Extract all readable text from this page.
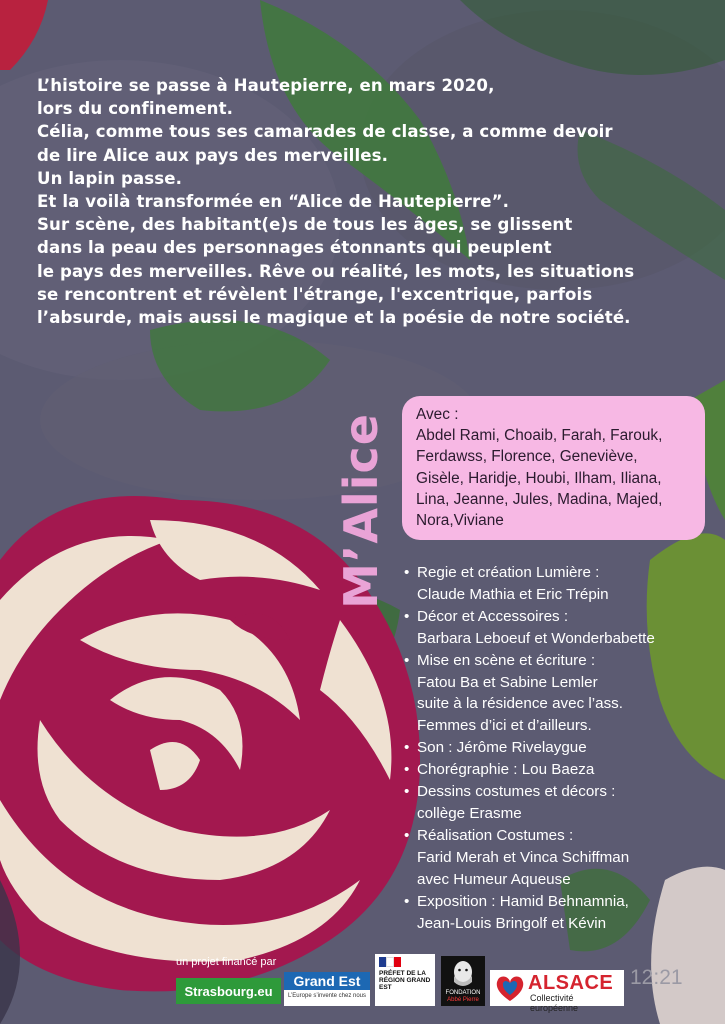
L’histoire se passe à Hautepierre, en mars 2020,

lors du confinement.

Célia, comme tous ses camarades de classe, a comme devoir

de lire Alice aux pays des merveilles.

Un lapin passe.

Et la voilà transformée en “Alice de Hautepierre”.

Sur scène, des habitant(e)s de tous les âges, se glissent

dans la peau des personnages étonnants qui peuplent

le pays des merveilles. Rêve ou réalité, les mots, les situations

se rencontrent et révèlent l'étrange, l'excentrique, parfois

l’absurde, mais aussi le magique et la poésie de notre société.

M’Alice Avec :

Abdel Rami, Choaib, Farah, Farouk,
Ferdawss, Florence, Geneviève,
Gisèle, Haridje, Houbi, Ilham, Iliana,
Lina, Jeanne, Jules, Madina, Majed,
Nora,Viviane
• Regie et création Lumière :
Claude Mathia et Eric Trépin
• Décor et Accessoires :
Barbara Leboeuf et Wonderbabette
• Mise en scène et écriture :
Fatou Ba et Sabine Lemler
suite à la résidence avec l’ass.
Femmes d’ici et d’ailleurs.
• Son : Jérôme Rivelaygue
• Chorégraphie : Lou Baeza
• Dessins costumes et décors :
collège Erasme
• Réalisation Costumes :
Farid Merah et Vinca Schiffman
avec Humeur Aqueuse
• Exposition : Hamid Behnamnia,
Jean-Louis Bringolf et Kévin
un projet financé par
Strasbourg.eu
Grand Est
L’Europe s’invente chez nous
PRÉFET DE LA RÉGION GRAND EST
FONDATION
Abbé Pierre
ALSACE
Collectivité européenne
12:21
